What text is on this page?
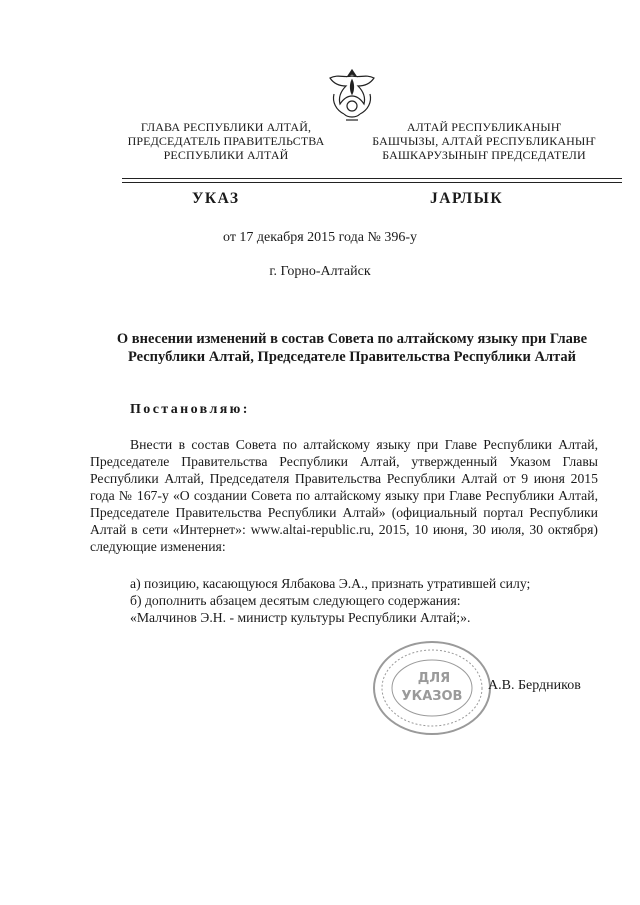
ГЛАВА РЕСПУБЛИКИ АЛТАЙ,
ПРЕДСЕДАТЕЛЬ ПРАВИТЕЛЬСТВА
РЕСПУБЛИКИ АЛТАЙ
АЛТАЙ РЕСПУБЛИКАНЫҤ
БАШЧЫЗЫ, АЛТАЙ РЕСПУБЛИКАНЫҤ
БАШКАРУЗЫНЫҤ ПРЕДСЕДАТЕЛИ
УКАЗ	ЈАРЛЫК
от 17 декабря 2015 года № 396-у
г. Горно-Алтайск
О внесении изменений в состав Совета по алтайскому языку при Главе
Республики Алтай, Председателе Правительства Республики Алтай
Постановляю:

Внести в состав Совета по алтайскому языку при Главе Республики Алтай, Председателе Правительства Республики Алтай, утвержденный Указом Главы Республики Алтай, Председателя Правительства Республики Алтай от 9 июня 2015 года № 167-у «О создании Совета по алтайскому языку при Главе Республики Алтай, Председателе Правительства Республики Алтай» (официальный портал Республики Алтай в сети «Интернет»: www.altai-republic.ru, 2015, 10 июня, 30 июля, 30 октября) следующие изменения:

а) позицию, касающуюся Ялбакова Э.А., признать утратившей силу;
б) дополнить абзацем десятым следующего содержания:
«Малчинов Э.Н. - министр культуры Республики Алтай;».
ДЛЯ
УКАЗОВ
А.В. Бердников
